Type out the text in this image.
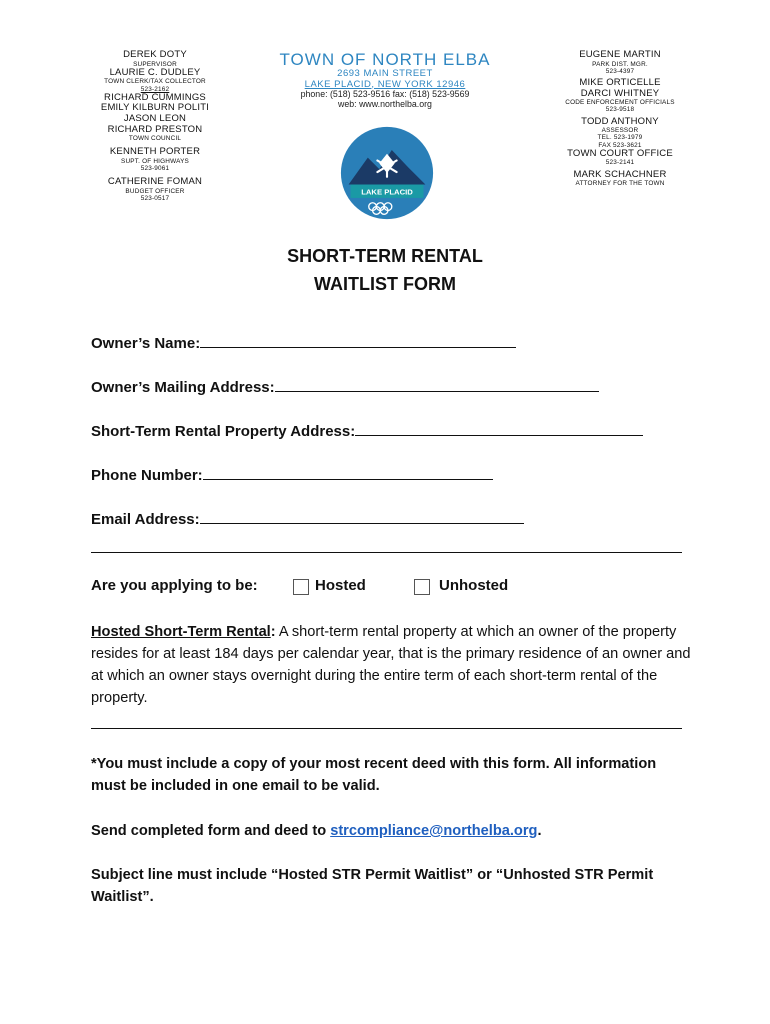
DEREK DOTY
SUPERVISOR
LAURIE C. DUDLEY
TOWN CLERK/TAX COLLECTOR
523-2162
RICHARD CUMMINGS
EMILY KILBURN POLITI
JASON LEON
RICHARD PRESTON
TOWN COUNCIL
KENNETH PORTER
SUPT. OF HIGHWAYS
523-9061
CATHERINE FOMAN
BUDGET OFFICER
523-0517
TOWN OF NORTH ELBA
2693 MAIN STREET
LAKE PLACID, NEW YORK 12946
phone: (518) 523-9516 fax: (518) 523-9569
web: www.northelba.org
LAKE PLACID
EUGENE MARTIN
PARK DIST. MGR.
523-4397
MIKE ORTICELLE
DARCI WHITNEY
CODE ENFORCEMENT OFFICIALS
523-9518
TODD ANTHONY
ASSESSOR
TEL. 523-1979
FAX 523-3621
TOWN COURT OFFICE
523-2141
MARK SCHACHNER
ATTORNEY FOR THE TOWN
SHORT-TERM RENTAL
WAITLIST FORM
Owner’s Name:
Owner’s Mailing Address:
Short-Term Rental Property Address:
Phone Number:
Email Address:
Are you applying to be:	Hosted	Unhosted
Hosted Short-Term Rental: A short-term rental property at which an owner of the property resides for at least 184 days per calendar year, that is the primary residence of an owner and at which an owner stays overnight during the entire term of each short-term rental of the property.
*You must include a copy of your most recent deed with this form. All information must be included in one email to be valid.
Send completed form and deed to strcompliance@northelba.org.
Subject line must include “Hosted STR Permit Waitlist” or “Unhosted STR Permit Waitlist”.
